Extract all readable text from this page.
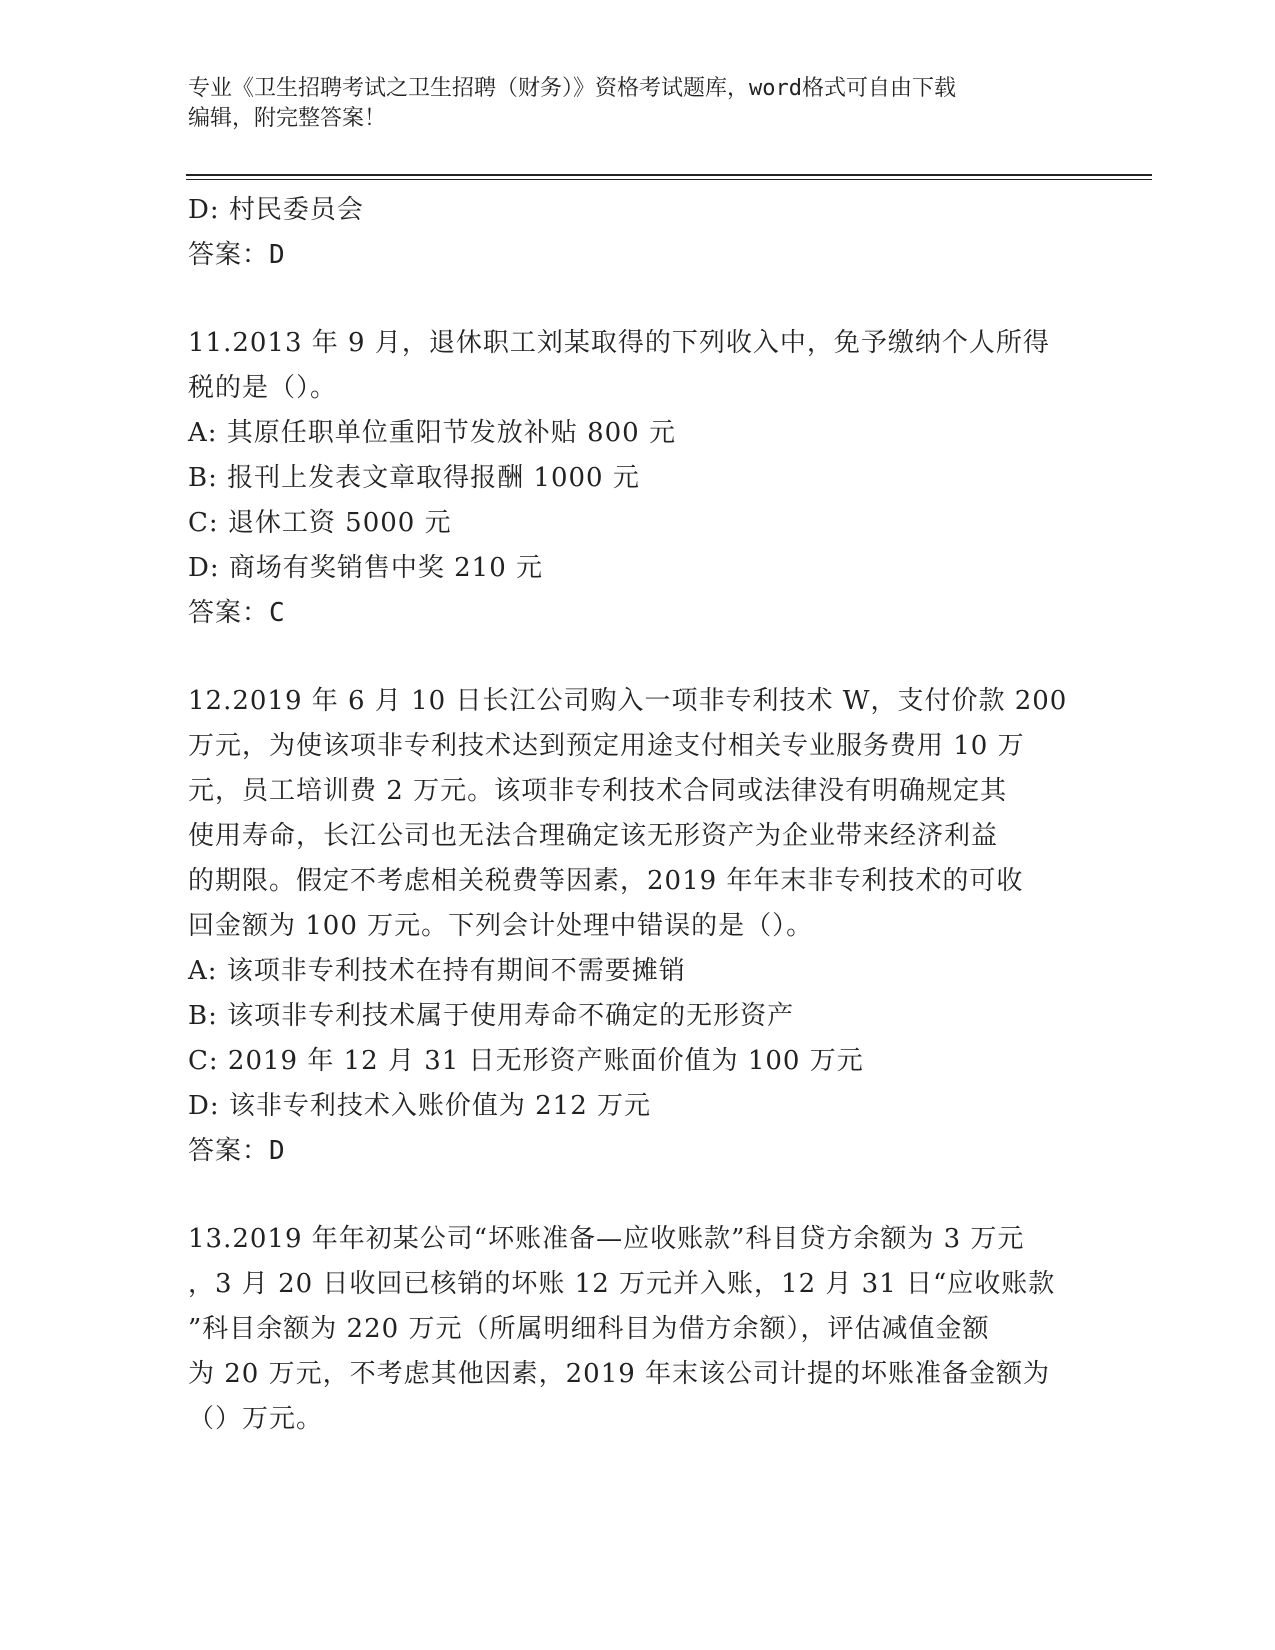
专业《卫生招聘考试之卫生招聘（财务）》资格考试题库，word格式可自由下载
编辑，附完整答案！
D: 村民委员会
答案：D
11.2013 年 9 月，退休职工刘某取得的下列收入中，免予缴纳个人所得
税的是（）。
A: 其原任职单位重阳节发放补贴 800 元
B: 报刊上发表文章取得报酬 1000 元
C: 退休工资 5000 元
D: 商场有奖销售中奖 210 元
答案：C
12.2019 年 6 月 10 日长江公司购入一项非专利技术 W，支付价款 200
万元，为使该项非专利技术达到预定用途支付相关专业服务费用 10 万
元，员工培训费 2 万元。该项非专利技术合同或法律没有明确规定其
使用寿命，长江公司也无法合理确定该无形资产为企业带来经济利益
的期限。假定不考虑相关税费等因素，2019 年年末非专利技术的可收
回金额为 100 万元。下列会计处理中错误的是（）。
A: 该项非专利技术在持有期间不需要摊销
B: 该项非专利技术属于使用寿命不确定的无形资产
C: 2019 年 12 月 31 日无形资产账面价值为 100 万元
D: 该非专利技术入账价值为 212 万元
答案：D
13.2019 年年初某公司“坏账准备—应收账款”科目贷方余额为 3 万元
，3 月 20 日收回已核销的坏账 12 万元并入账，12 月 31 日“应收账款
”科目余额为 220 万元（所属明细科目为借方余额），评估减值金额
为 20 万元，不考虑其他因素，2019 年末该公司计提的坏账准备金额为
（）万元。
